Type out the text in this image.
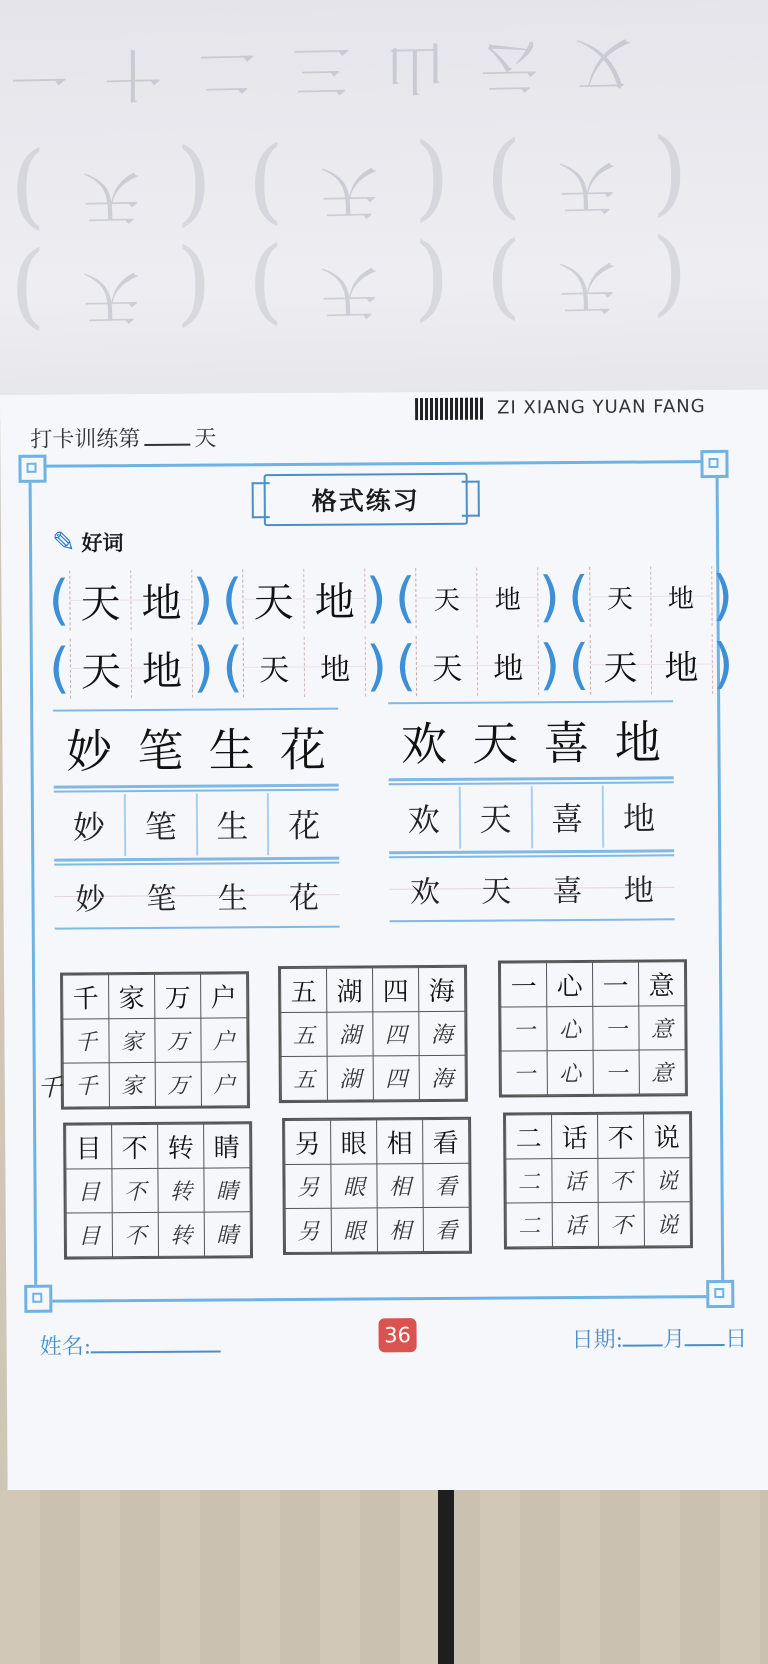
一 十 二 三 山 云 又
( 天 ) ( 天 ) ( 天 )
( 天 ) ( 天 ) ( 天 )
打卡训练第 天
ZI XIANG YUAN FANG
格式练习
✎ 好词
( 天 地 ) ( 天 地 ) ( 天	地 ) ( 天	地 )
( 天 地 ) ( 天	地 ) ( 天	地 ) ( 天 地 )
妙 笔 生 花
妙	笔	生	花
妙 笔 生 花
欢 天 喜 地
欢	天	喜	地
欢 天 喜 地
千	家	万	户
千	家	万	户
千	家	万	户
千
五	湖	四	海
五	湖	四	海
五	湖	四	海
一	心	一	意
一	心	一	意
一	心	一	意
目	不	转	睛
目	不	转	睛
目	不	转	睛
另	眼	相	看
另	眼	相	看
另	眼	相	看
二	话	不	说
二	话	不	说
二	话	不	说
姓名:	36	日期: 月 日
